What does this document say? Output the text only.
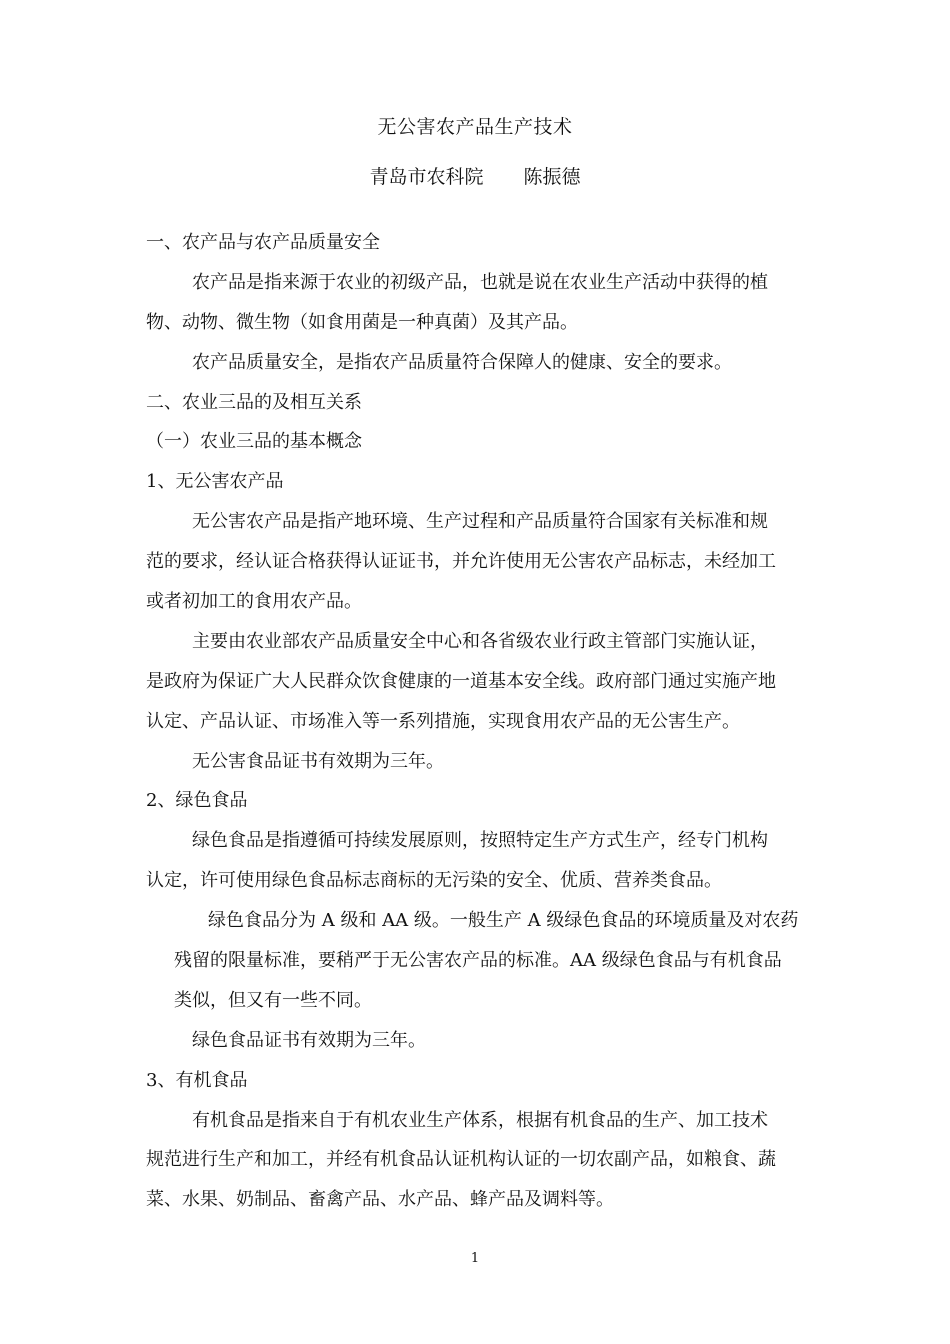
无公害农产品生产技术
青岛市农科院 陈振德
一、农产品与农产品质量安全
农产品是指来源于农业的初级产品，也就是说在农业生产活动中获得的植
物、动物、微生物（如食用菌是一种真菌）及其产品。
农产品质量安全，是指农产品质量符合保障人的健康、安全的要求。
二、农业三品的及相互关系
（一）农业三品的基本概念
1、无公害农产品
无公害农产品是指产地环境、生产过程和产品质量符合国家有关标准和规
范的要求，经认证合格获得认证证书，并允许使用无公害农产品标志，未经加工
或者初加工的食用农产品。
主要由农业部农产品质量安全中心和各省级农业行政主管部门实施认证，
是政府为保证广大人民群众饮食健康的一道基本安全线。政府部门通过实施产地
认定、产品认证、市场准入等一系列措施，实现食用农产品的无公害生产。
无公害食品证书有效期为三年。
2、绿色食品
绿色食品是指遵循可持续发展原则，按照特定生产方式生产，经专门机构
认定，许可使用绿色食品标志商标的无污染的安全、优质、营养类食品。
绿色食品分为 A 级和 AA 级。一般生产 A 级绿色食品的环境质量及对农药
残留的限量标准，要稍严于无公害农产品的标准。AA 级绿色食品与有机食品
类似，但又有一些不同。
绿色食品证书有效期为三年。
3、有机食品
有机食品是指来自于有机农业生产体系，根据有机食品的生产、加工技术
规范进行生产和加工，并经有机食品认证机构认证的一切农副产品，如粮食、蔬
菜、水果、奶制品、畜禽产品、水产品、蜂产品及调料等。
1
